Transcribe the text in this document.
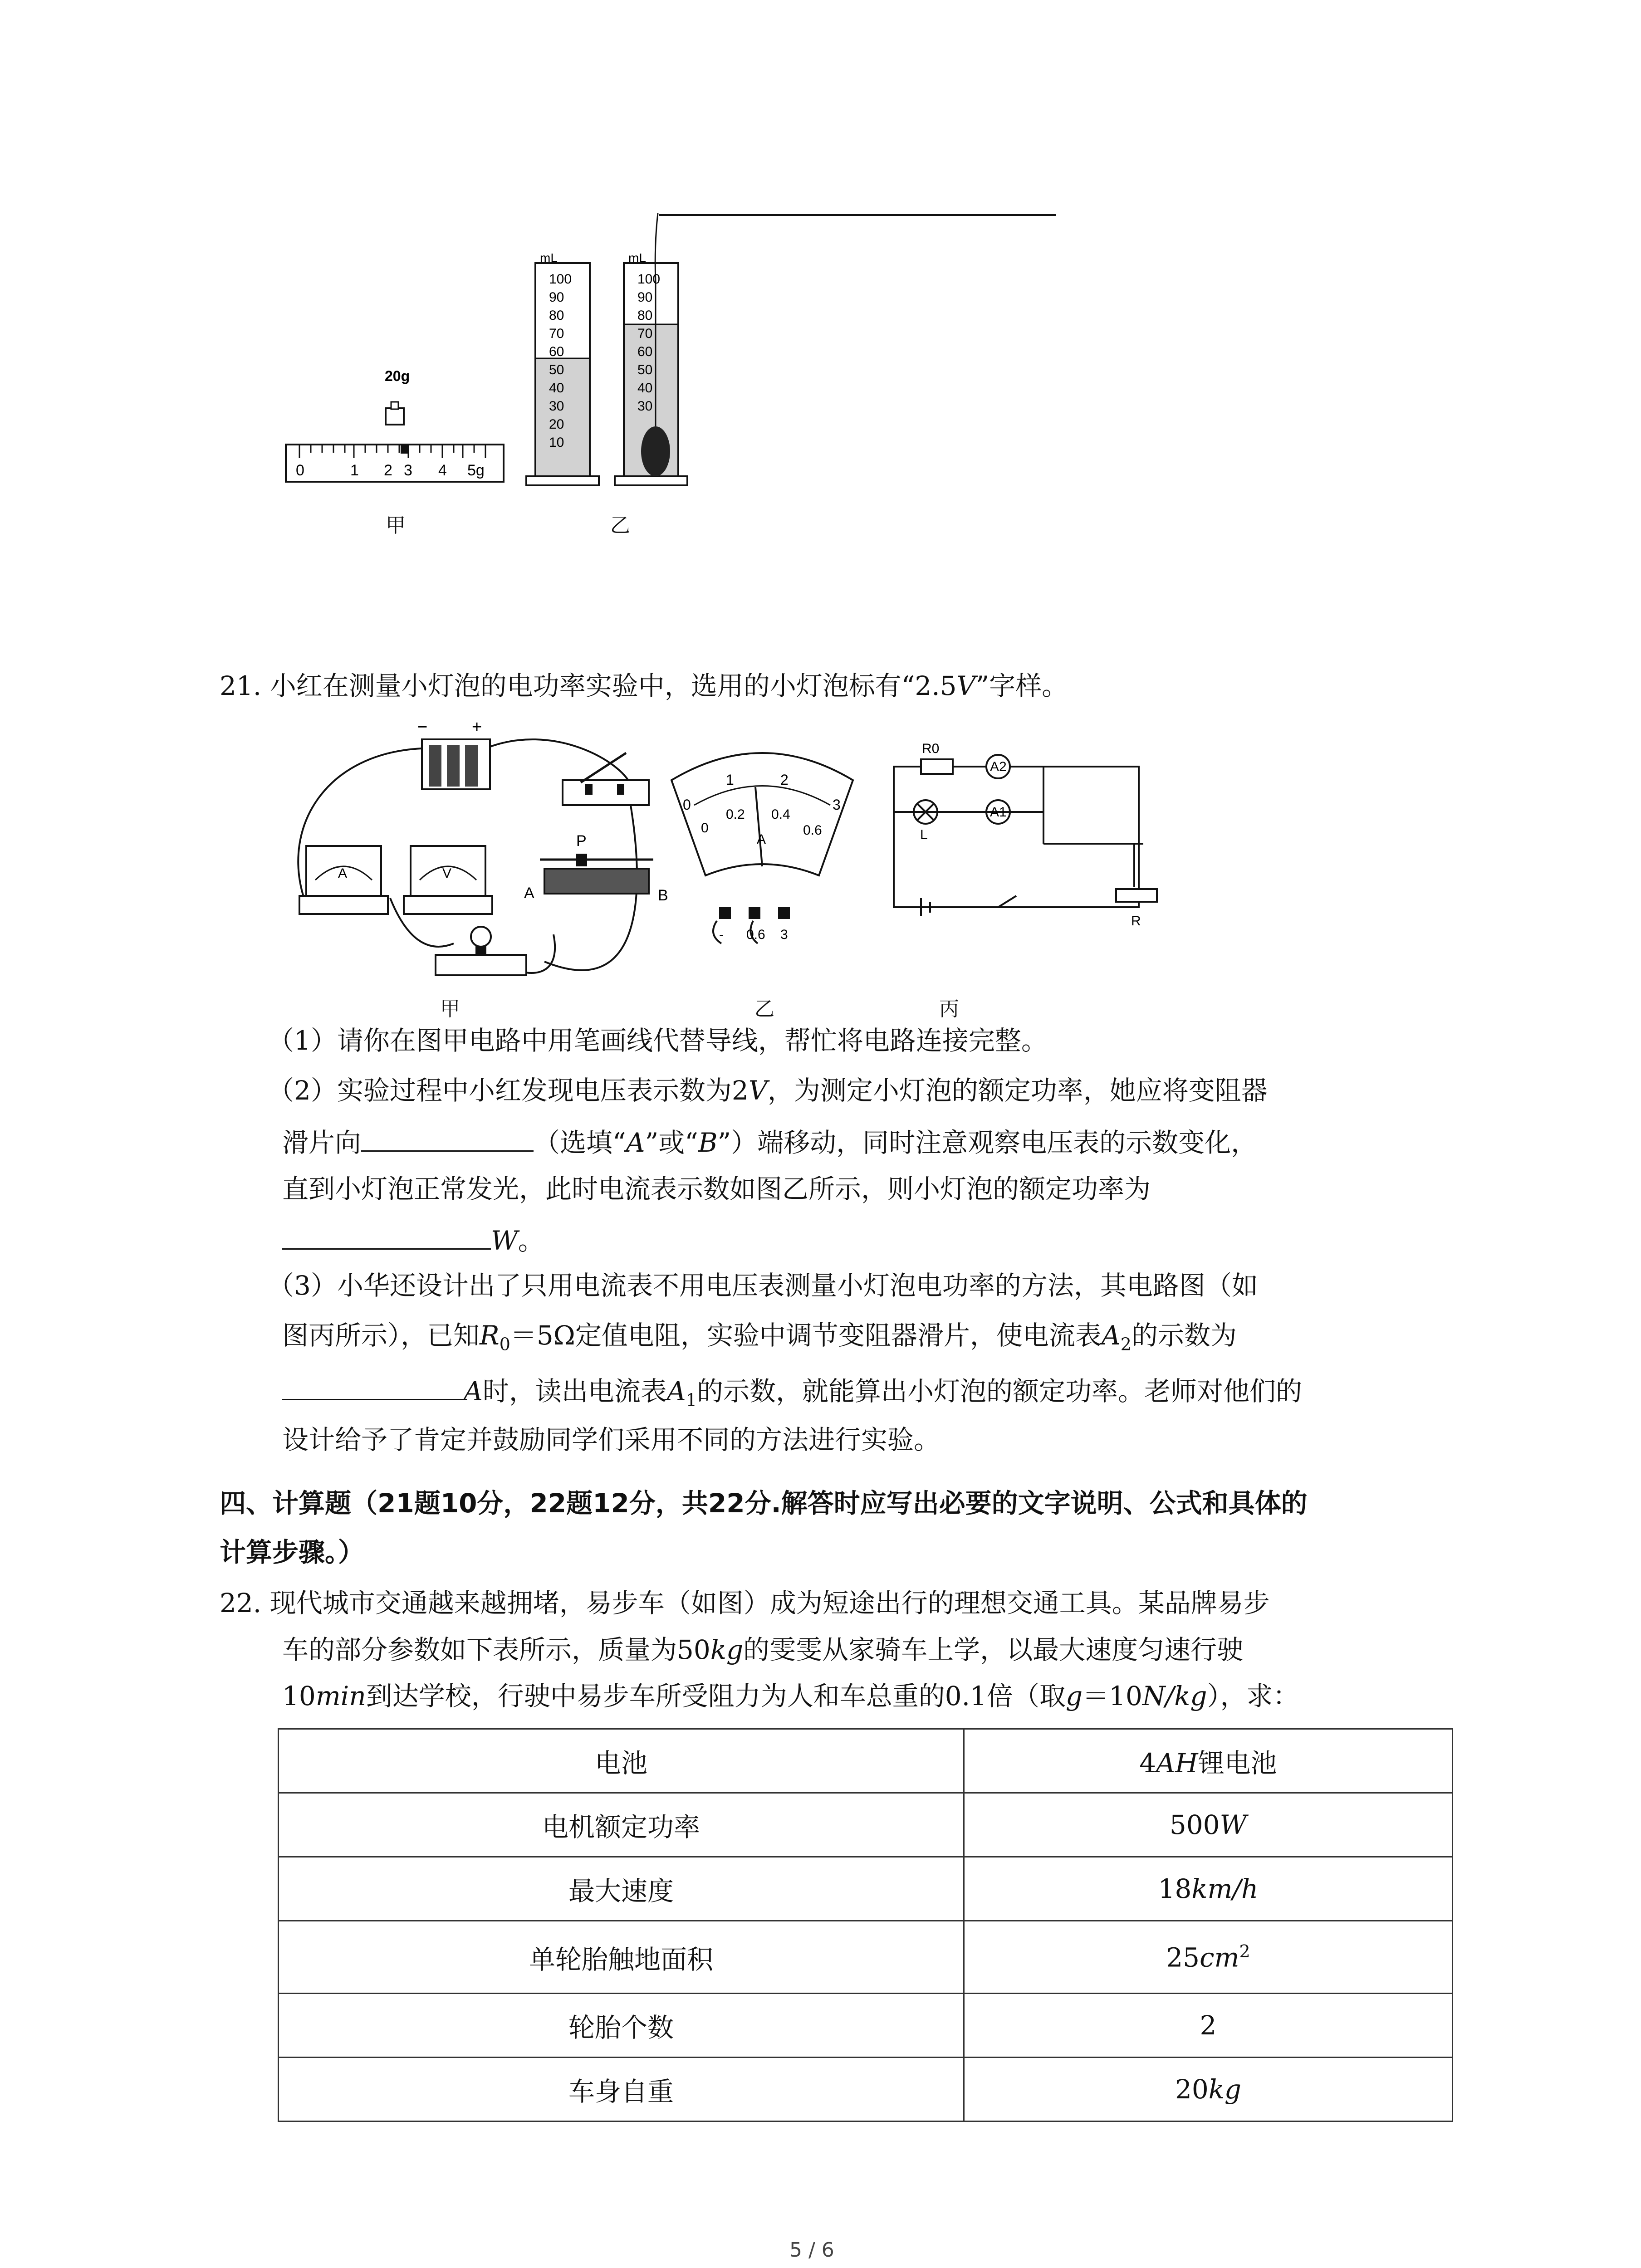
0	1 2 3 4 5g
20g
mL
100
90
80
70
60
50
40
30
20
10
mL
100
90
80
70
60
50
40
30
甲	乙
21. 小红在测量小灯泡的电功率实验中，选用的小灯泡标有“2.5V”字样。
−	+
A	V
P
A	B
0
1	2
3
0
0.2 0.4
0.6
A
- 0.6 3
R0
A2
A1
L
R
甲	乙	丙
（1）请你在图甲电路中用笔画线代替导线，帮忙将电路连接完整。
（2）实验过程中小红发现电压表示数为2V，为测定小灯泡的额定功率，她应将变阻器
滑片向	（选填“A”或“B”）端移动，同时注意观察电压表的示数变化，
直到小灯泡正常发光，此时电流表示数如图乙所示，则小灯泡的额定功率为
W。
（3）小华还设计出了只用电流表不用电压表测量小灯泡电功率的方法，其电路图（如
图丙所示），已知$R_0=5\Omega$定值电阻，实验中调节变阻器滑片，使电流表$A_2$的示数为
A时，读出电流表$A_1$的示数，就能算出小灯泡的额定功率。老师对他们的
设计给予了肯定并鼓励同学们采用不同的方法进行实验。
四、计算题（21题10分，22题12分，共22分.解答时应写出必要的文字说明、公式和具体的
计算步骤。）
22. 现代城市交通越来越拥堵，易步车（如图）成为短途出行的理想交通工具。某品牌易步
车的部分参数如下表所示，质量为50kg的雯雯从家骑车上学，以最大速度匀速行驶
10min到达学校，行驶中易步车所受阻力为人和车总重的0.1倍（取g＝10N/kg），求：
电池	4AH锂电池
电机额定功率	500W
最大速度	18km/h
单轮胎触地面积	$25cm^2$
轮胎个数	2
车身自重	20kg
5 / 6
